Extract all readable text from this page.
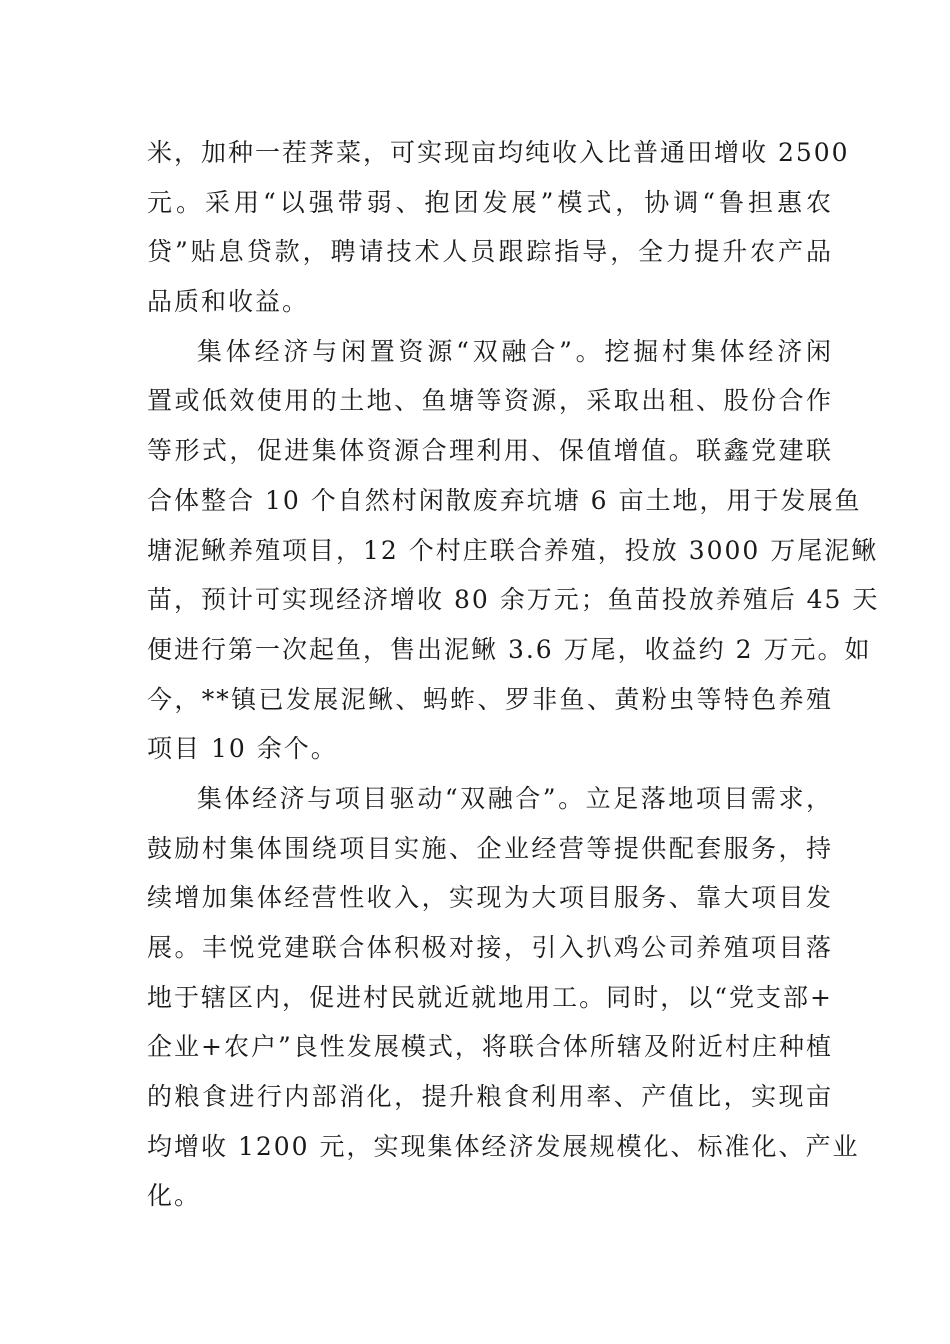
米，加种一茬荠菜，可实现亩均纯收入比普通田增收 2500
元。采用“以强带弱、抱团发展”模式，协调“鲁担惠农
贷”贴息贷款，聘请技术人员跟踪指导，全力提升农产品
品质和收益。
集体经济与闲置资源“双融合”。挖掘村集体经济闲
置或低效使用的土地、鱼塘等资源，采取出租、股份合作
等形式，促进集体资源合理利用、保值增值。联鑫党建联
合体整合 10 个自然村闲散废弃坑塘 6 亩土地，用于发展鱼
塘泥鳅养殖项目，12 个村庄联合养殖，投放 3000 万尾泥鳅
苗，预计可实现经济增收 80 余万元；鱼苗投放养殖后 45 天
便进行第一次起鱼，售出泥鳅 3.6 万尾，收益约 2 万元。如
今，**镇已发展泥鳅、蚂蚱、罗非鱼、黄粉虫等特色养殖
项目 10 余个。
集体经济与项目驱动“双融合”。立足落地项目需求，
鼓励村集体围绕项目实施、企业经营等提供配套服务，持
续增加集体经营性收入，实现为大项目服务、靠大项目发
展。丰悦党建联合体积极对接，引入扒鸡公司养殖项目落
地于辖区内，促进村民就近就地用工。同时，以“党支部+
企业+农户”良性发展模式，将联合体所辖及附近村庄种植
的粮食进行内部消化，提升粮食利用率、产值比，实现亩
均增收 1200 元，实现集体经济发展规模化、标准化、产业
化。
